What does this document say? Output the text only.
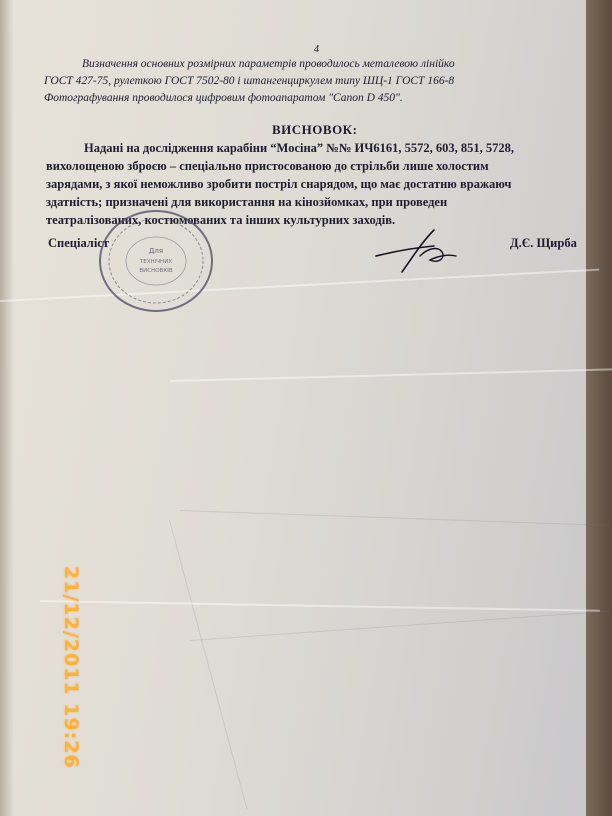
4
Визначення основних розмірних параметрів проводилось металевою лінійко
ГОСТ 427-75, рулеткою ГОСТ 7502-80 і штангенциркулем типу ШЦ-1 ГОСТ 166-8
Фотографування проводилося цифровим фотоапаратом "Canon D 450".
ВИСНОВОК:
Надані на дослідження карабіни “Мосіна” №№ ИЧ6161, 5572, 603, 851, 5728,
вихолощеною зброєю – спеціально пристосованою до стрільби лише холостим
зарядами, з якої неможливо зробити постріл снарядом, що має достатню вражаюч
здатність; призначені для використання на кінозйомках, при проведен
театралізованих, костюмованих та інших культурних заходів.
Спеціаліст	Д.Є. Щирба
Для
ТЕХНІЧНИХ
ВИСНОВКІВ
21/12/2011 19:26
